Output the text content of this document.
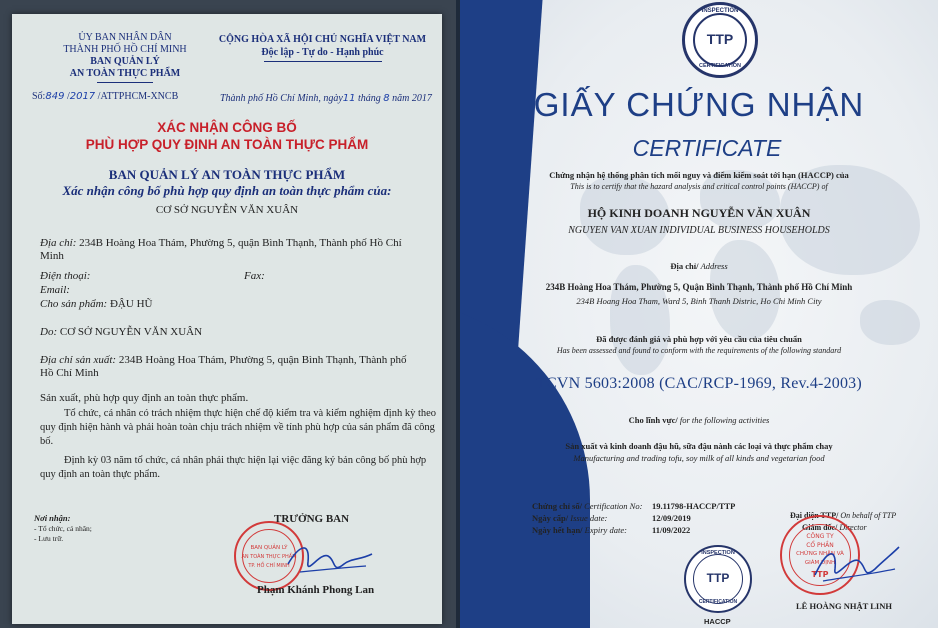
ỦY BAN NHÂN DÂN
THÀNH PHỐ HỒ CHÍ MINH
BAN QUẢN LÝ
AN TOÀN THỰC PHẨM
CỘNG HÒA XÃ HỘI CHỦ NGHĨA VIỆT NAM
Độc lập - Tự do - Hạnh phúc
Số:849 /2017 /ATTPHCM-XNCB	Thành phố Hồ Chí Minh, ngày11 tháng 8 năm 2017
XÁC NHẬN CÔNG BỐ
PHÙ HỢP QUY ĐỊNH AN TOÀN THỰC PHẨM
BAN QUẢN LÝ AN TOÀN THỰC PHẨM
Xác nhận công bố phù hợp quy định an toàn thực phẩm của:
CƠ SỞ NGUYỄN VĂN XUÂN
Địa chỉ: 234B Hoàng Hoa Thám, Phường 5, quận Bình Thạnh, Thành phố Hồ Chí
Minh
Điện thoại:	Fax:
Email:
Cho sản phẩm: ĐẬU HŨ
Do: CƠ SỞ NGUYỄN VĂN XUÂN
Địa chỉ sản xuất: 234B Hoàng Hoa Thám, Phường 5, quận Bình Thạnh, Thành phố
Hồ Chí Minh
Sản xuất, phù hợp quy định an toàn thực phẩm.
Tổ chức, cá nhân có trách nhiệm thực hiện chế độ kiểm tra và kiểm nghiệm định kỳ theo quy định hiện hành và phải hoàn toàn chịu trách nhiệm về tính phù hợp của sản phẩm đã công bố.
Định kỳ 03 năm tổ chức, cá nhân phải thực hiện lại việc đăng ký bản công bố phù hợp quy định an toàn thực phẩm.
Nơi nhận:
- Tổ chức, cá nhân;
- Lưu trữ.
TRƯỞNG BAN
BAN QUẢN LÝ
AN TOÀN THỰC PHẨM
TP. HỒ CHÍ MINH
Phạm Khánh Phong Lan
INSPECTION
TTP
CERTIFICATION
GIẤY CHỨNG NHẬN
CERTIFICATE
Chứng nhận hệ thống phân tích mối nguy và điểm kiểm soát tới hạn (HACCP) của
This is to certify that the hazard analysis and critical control points (HACCP) of
HỘ KINH DOANH NGUYỄN VĂN XUÂN
NGUYEN VAN XUAN INDIVIDUAL BUSINESS HOUSEHOLDS
Địa chỉ/ Address
234B Hoàng Hoa Thám, Phường 5, Quận Bình Thạnh, Thành phố Hồ Chí Minh
234B Hoang Hoa Tham, Ward 5, Binh Thanh Distric, Ho Chi Minh City
Đã được đánh giá và phù hợp với yêu cầu của tiêu chuẩn
Has been assessed and found to conform with the requirements of the following standard
TCVN 5603:2008 (CAC/RCP-1969, Rev.4-2003)
Cho lĩnh vực/ for the following activities
Sản xuất và kinh doanh đậu hũ, sữa đậu nành các loại và thực phẩm chay
Manufacturing and trading tofu, soy milk of all kinds and vegetarian food
Chứng chỉ số/ Certification No: 19.11798-HACCP/TTP
Ngày cấp/ Issue date:	12/09/2019
Ngày hết hạn/ Expiry date:	11/09/2022
INSPECTION
TTP
CERTIFICATION
HACCP
Đại diện TTP/ On behalf of TTP
Giám đốc/ Director
CÔNG TY
CỔ PHẦN
CHỨNG NHẬN VÀ
GIÁM ĐỊNH
TTP
LÊ HOÀNG NHẬT LINH
